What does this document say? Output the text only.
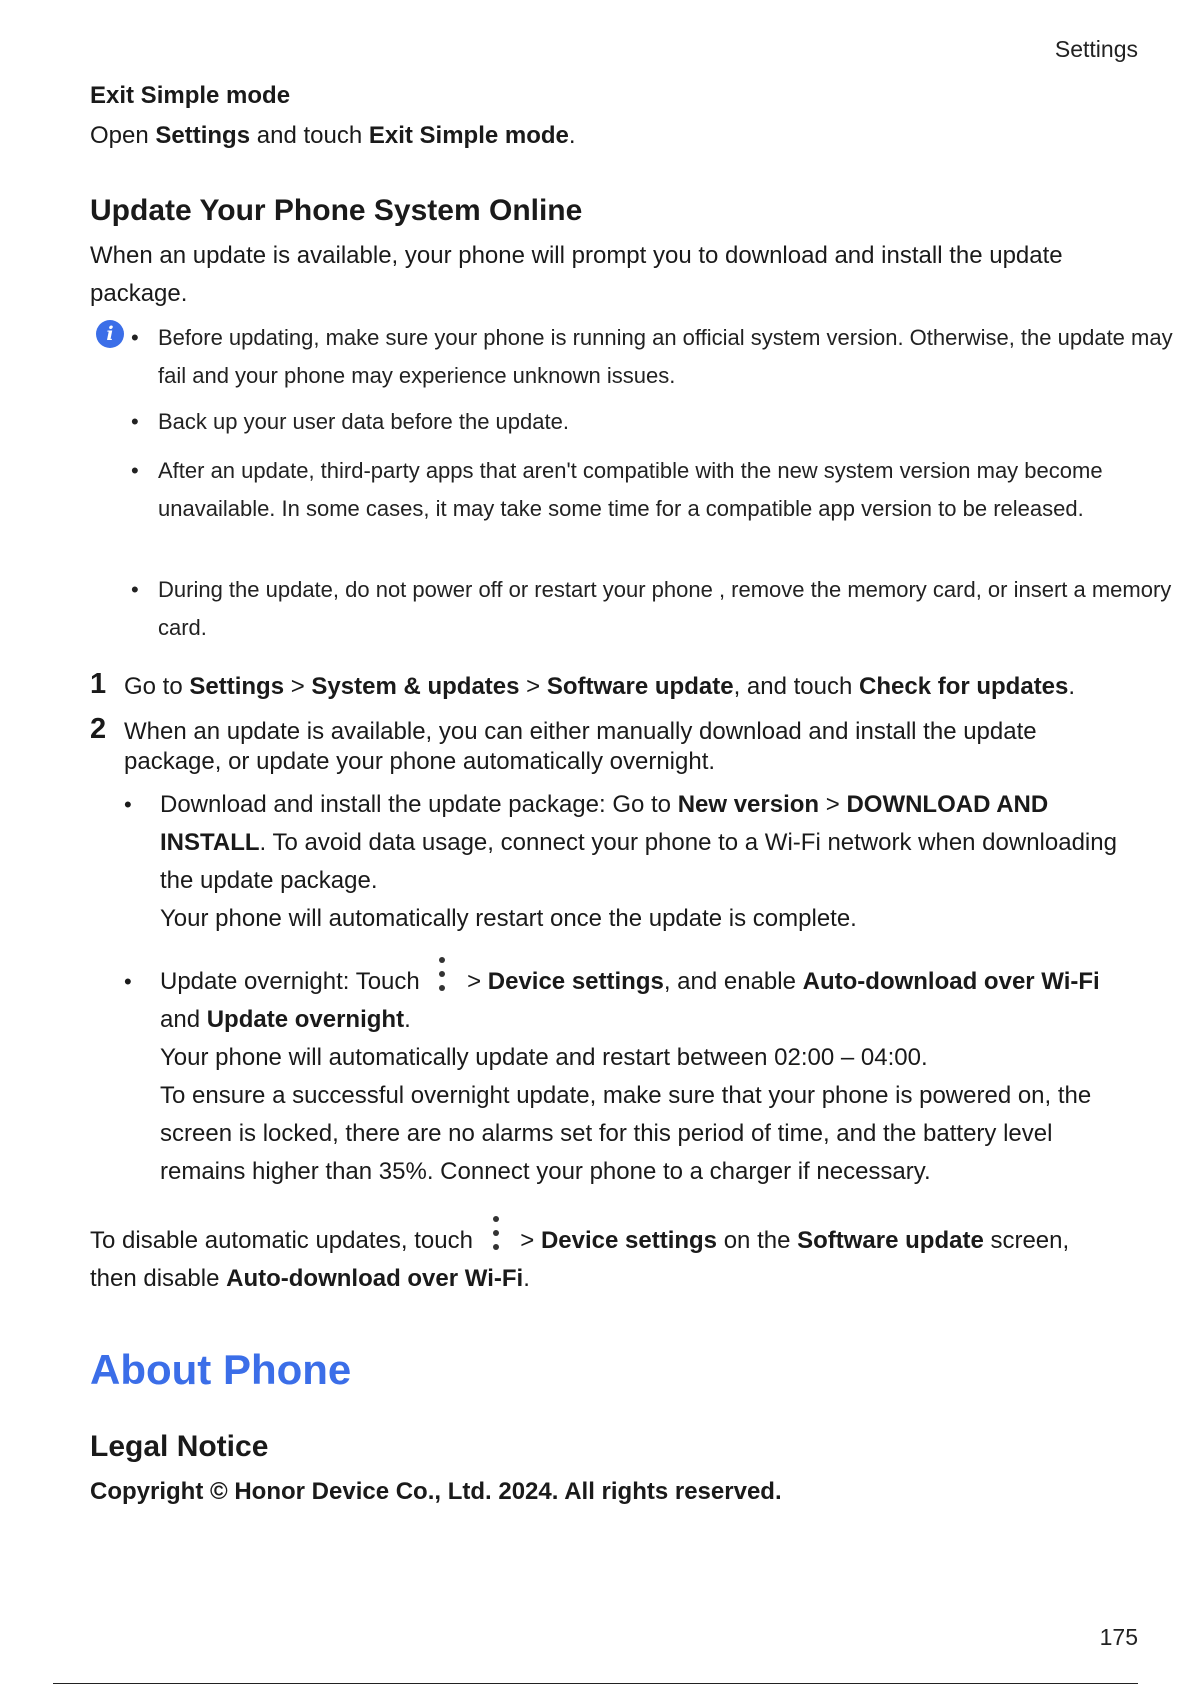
Settings
Exit Simple mode
Open Settings and touch Exit Simple mode.
Update Your Phone System Online
When an update is available, your phone will prompt you to download and install the update package.
i • Before updating, make sure your phone is running an official system version. Otherwise, the update may fail and your phone may experience unknown issues.
• Back up your user data before the update.
• After an update, third-party apps that aren't compatible with the new system version may become unavailable. In some cases, it may take some time for a compatible app version to be released.
• During the update, do not power off or restart your phone , remove the memory card, or insert a memory card.
1 Go to Settings > System & updates > Software update, and touch Check for updates.
2 When an update is available, you can either manually download and install the update package, or update your phone automatically overnight.
• Download and install the update package: Go to New version > DOWNLOAD AND INSTALL. To avoid data usage, connect your phone to a Wi-Fi network when downloading the update package.
Your phone will automatically restart once the update is complete.
• Update overnight: Touch
> Device settings, and enable Auto-download over Wi-Fi and Update overnight.
Your phone will automatically update and restart between 02:00 – 04:00.
To ensure a successful overnight update, make sure that your phone is powered on, the screen is locked, there are no alarms set for this period of time, and the battery level remains higher than 35%. Connect your phone to a charger if necessary.
To disable automatic updates, touch
> Device settings on the Software update screen, then disable Auto-download over Wi-Fi.
About Phone
Legal Notice
Copyright © Honor Device Co., Ltd. 2024. All rights reserved.
175
